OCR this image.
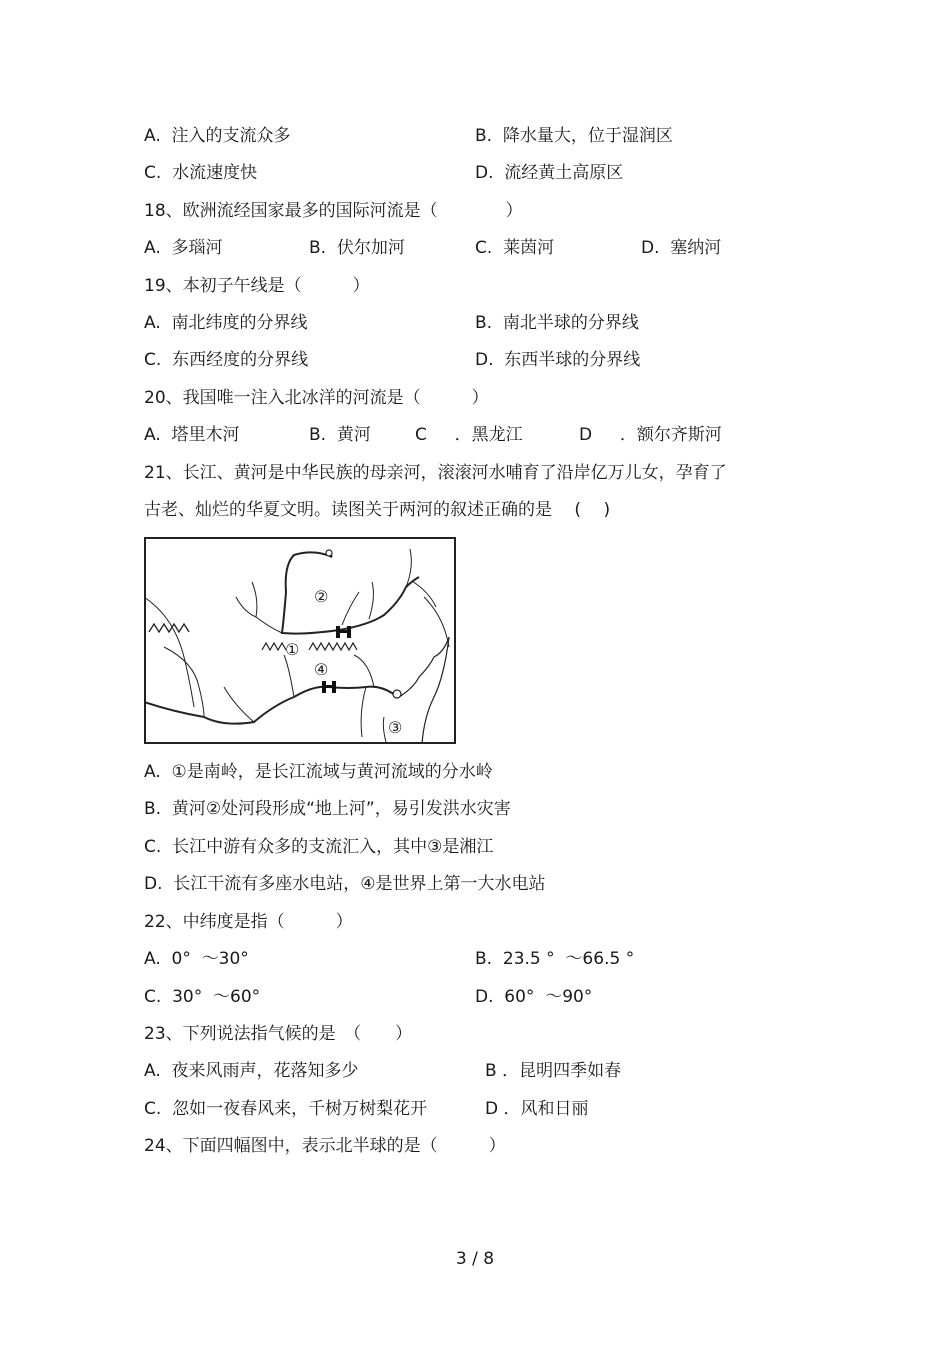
A.  注入的支流众多	B.  降水量大，位于湿润区
C.  水流速度快	D.  流经黄土高原区
18、欧洲流经国家最多的国际河流是（　　　　）
A.  多瑙河	B.  伏尔加河	C.  莱茵河	D.  塞纳河
19、本初子午线是（　　　）
A.  南北纬度的分界线	B.  南北半球的分界线
C.  东西经度的分界线	D.  东西半球的分界线
20、我国唯一注入北冰洋的河流是（　　　）
A.  塔里木河	B.  黄河	C　  ．黑龙江	D　  ．额尔齐斯河
21、长江、黄河是中华民族的母亲河，滚滚河水哺育了沿岸亿万儿女，孕育了
古老、灿烂的华夏文明。读图关于两河的叙述正确的是　 (　 )
②
①
④
③
A.  ①是南岭，是长江流域与黄河流域的分水岭
B.  黄河②处河段形成“地上河”，易引发洪水灾害
C.  长江中游有众多的支流汇入，其中③是湘江
D.  长江干流有多座水电站，④是世界上第一大水电站
22、中纬度是指（　　　）
A.  0°  ～30°	B.  23.5 °  ～66.5 °
C.  30°  ～60°	D.  60°  ～90°
23、下列说法指气候的是　（　　）
A.  夜来风雨声，花落知多少	B ．昆明四季如春
C.  忽如一夜春风来，千树万树梨花开	D ．风和日丽
24、下面四幅图中，表示北半球的是（　　　）
3 / 8
